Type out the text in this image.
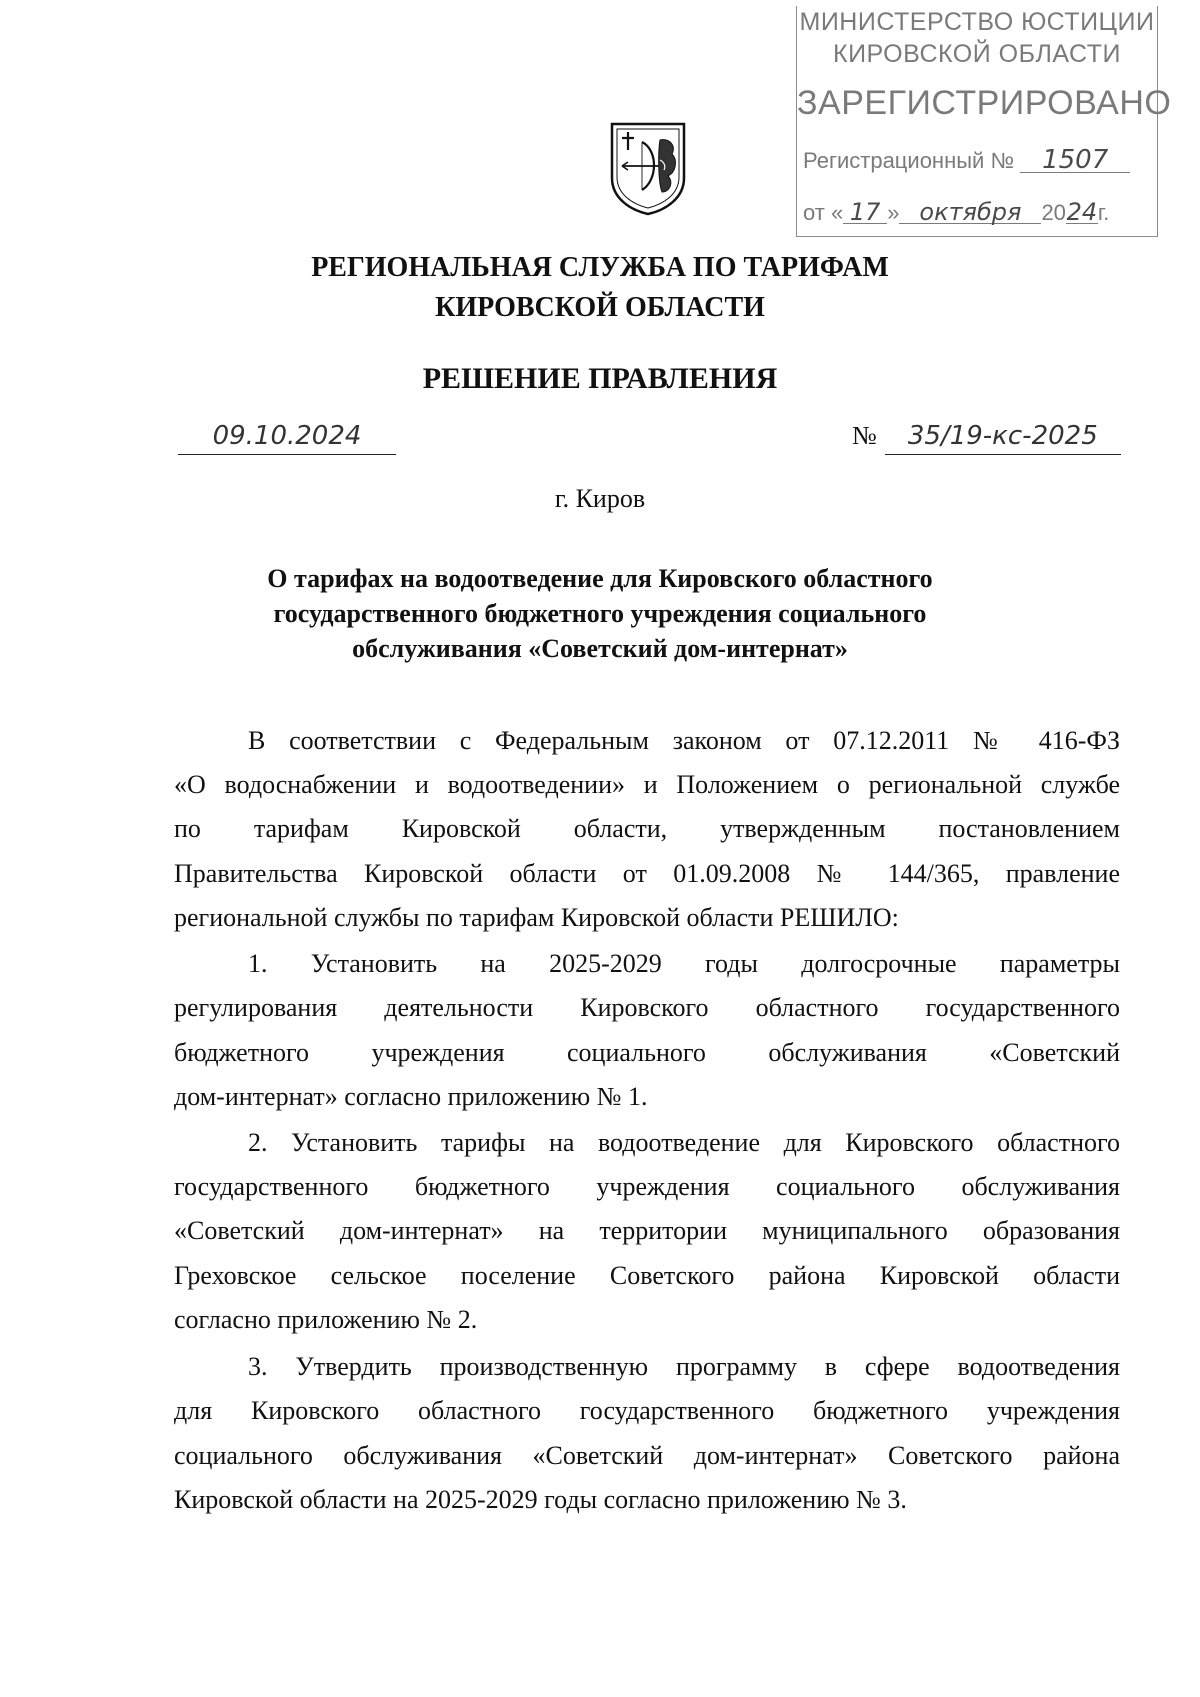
МИНИСТЕРСТВО ЮСТИЦИИ
КИРОВСКОЙ ОБЛАСТИ
ЗАРЕГИСТРИРОВАНО
Регистрационный № 1507
от « 17 » октября 2024г.
РЕГИОНАЛЬНАЯ СЛУЖБА ПО ТАРИФАМ
КИРОВСКОЙ ОБЛАСТИ
РЕШЕНИЕ ПРАВЛЕНИЯ
09.10.2024	№ 35/19-кс-2025
г. Киров
О тарифах на водоотведение для Кировского областного
государственного бюджетного учреждения социального
обслуживания «Советский дом-интернат»
В соответствии с Федеральным законом от 07.12.2011 № 416-ФЗ
«О водоснабжении и водоотведении» и Положением о региональной службе
по тарифам Кировской области, утвержденным постановлением
Правительства Кировской области от 01.09.2008 № 144/365, правление
региональной службы по тарифам Кировской области РЕШИЛО:
1. Установить на 2025-2029 годы долгосрочные параметры
регулирования деятельности Кировского областного государственного
бюджетного учреждения социального обслуживания «Советский
дом-интернат» согласно приложению № 1.
2. Установить тарифы на водоотведение для Кировского областного
государственного бюджетного учреждения социального обслуживания
«Советский дом-интернат» на территории муниципального образования
Греховское сельское поселение Советского района Кировской области
согласно приложению № 2.
3. Утвердить производственную программу в сфере водоотведения
для Кировского областного государственного бюджетного учреждения
социального обслуживания «Советский дом-интернат» Советского района
Кировской области на 2025-2029 годы согласно приложению № 3.
